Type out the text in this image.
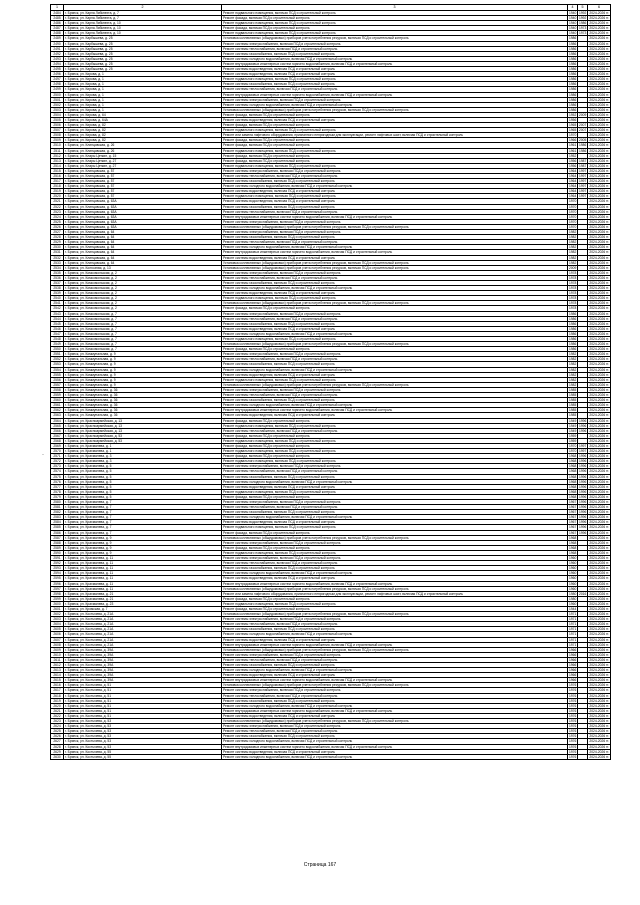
1	2	3	4	5	6
2484	г. Брянск, ул. Карла Либкнехта, д. 7	Ремонт подвального помещения, включая ПСД и строительный контроль	1940	1992	2024-2026 гг.
2485	г. Брянск, ул. Карла Либкнехта, д. 7	Ремонт фасада, включая ПСД и строительный контроль	1940	1992	2024-2026 гг.
2486	г. Брянск, ул. Карла Либкнехта, д. 10	Ремонт подвального помещения, включая ПСД и строительный контроль	1940	1986	2024-2026 гг.
2487	г. Брянск, ул. Карла Либкнехта, д. 10	Ремонт фасада, включая ПСД и строительный контроль	1940	1973	2024-2026 гг.
2488	г. Брянск, ул. Карла Либкнехта, д. 10	Ремонт подвального помещения, включая ПСД и строительный контроль	1940	1973	2024-2026 гг.
2489	г. Брянск, ул. Карбышева, д. 25	Установка коллективных (общедомовых) приборов учета потребления ресурсов, включая ПСД и строительный контроль	1986		2024-2026 гг.
2490	г. Брянск, ул. Карбышева, д. 25	Ремонт системы электроснабжения, включая ПСД и строительный контроль	1986		2024-2026 гг.
2491	г. Брянск, ул. Карбышева, д. 25	Ремонт системы теплоснабжения, включая ПСД и строительный контроль	1986		2024-2026 гг.
2492	г. Брянск, ул. Карбышева, д. 25	Ремонт системы газоснабжения, включая ПСД и строительный контроль	1986		2024-2026 гг.
2493	г. Брянск, ул. Карбышева, д. 25	Ремонт системы холодного водоснабжения, включая ПСД и строительный контроль	1986		2024-2026 гг.
2494	г. Брянск, ул. Карбышева, д. 25	Ремонт внутридомовых инженерных систем горячего водоснабжения, включая ПСД и строительный контроль	1986		2024-2026 гг.
2495	г. Брянск, ул. Карбышева, д. 25	Ремонт системы водоотведения, включая ПСД и строительный контроль	1986		2024-2026 гг.
2496	г. Брянск, ул. Кирова, д. 1	Ремонт системы водоотведения, включая ПСД и строительный контроль	1986		2024-2026 гг.
2497	г. Брянск, ул. Кирова, д. 1	Ремонт подвального помещения, включая ПСД и строительный контроль	1986		2024-2026 гг.
2498	г. Брянск, ул. Кирова, д. 1	Ремонт системы газоснабжения, включая ПСД и строительный контроль	1986		2024-2026 гг.
2499	г. Брянск, ул. Кирова, д. 1	Ремонт системы теплоснабжения, включая ПСД и строительный контроль	1986		2024-2026 гг.
2500	г. Брянск, ул. Кирова, д. 1	Ремонт внутридомовых инженерных систем горячего водоснабжения, включая ПСД и строительный контроль	1986		2024-2026 гг.
2501	г. Брянск, ул. Кирова, д. 1	Ремонт системы электроснабжения, включая ПСД и строительный контроль	1986		2024-2026 гг.
2502	г. Брянск, ул. Кирова, д. 1	Ремонт системы холодного водоснабжения, включая ПСД и строительный контроль	1986		2024-2026 гг.
2503	г. Брянск, ул. Кирова, д. 1	Установка коллективных (общедомовых) приборов учета потребления ресурсов, включая ПСД и строительный контроль	1986		2024-2026 гг.
2504	г. Брянск, ул. Кирова, д. 64	Ремонт фасада, включая ПСД и строительный контроль	1952	2009	2024-2026 гг.
2505	г. Брянск, ул. Кирова, д. 64А	Ремонт системы водоотведения, включая ПСД и строительный контроль	1956		2024-2026 гг.
2506	г. Брянск, ул. Кирова, д. 82	Ремонт фасада, включая ПСД и строительный контроль	1965	2007	2024-2026 гг.
2507	г. Брянск, ул. Кирова, д. 82	Ремонт подвального помещения, включая ПСД и строительный контроль	1965	2007	2024-2026 гг.
2508	г. Брянск, ул. Кирова, д. 82	Ремонт или замена лифтового оборудования, признанного непригодным для эксплуатации, ремонт лифтовых шахт, включая ПСД и строительный контроль	1970		2024-2026 гг.
2509	г. Брянск, ул. Кирова, д. 82	Ремонт фасада, включая ПСД и строительный контроль	1966	2005	2024-2026 гг.
2510	г. Брянск, ул. Клинцовская, д. 26	Ремонт фасада, включая ПСД и строительный контроль	1961	1986	2024-2026 гг.
2511	г. Брянск, ул. Клинцовская, д. 26	Ремонт подвального помещения, включая ПСД и строительный контроль	1961	1986	2024-2026 гг.
2512	г. Брянск, ул. Клары Цеткин, д. 15	Ремонт фасада, включая ПСД и строительный контроль	1952		2024-2026 гг.
2513	г. Брянск, ул. Клары Цеткин, д. 27	Ремонт фасада, включая ПСД и строительный контроль	1956	1987	2024-2026 гг.
2514	г. Брянск, ул. Клары Цеткин, д. 27	Ремонт подвального помещения, включая ПСД и строительный контроль	1956	1987	2024-2026 гг.
2515	г. Брянск, ул. Клинцовская, д. 57	Ремонт системы электроснабжения, включая ПСД и строительный контроль	1964	1997	2024-2026 гг.
2516	г. Брянск, ул. Клинцовская, д. 57	Ремонт системы теплоснабжения, включая ПСД и строительный контроль	1964	1997	2024-2026 гг.
2517	г. Брянск, ул. Клинцовская, д. 57	Ремонт системы газоснабжения, включая ПСД и строительный контроль	1964	1997	2024-2026 гг.
2518	г. Брянск, ул. Клинцовская, д. 57	Ремонт системы холодного водоснабжения, включая ПСД и строительный контроль	1964	1997	2024-2026 гг.
2519	г. Брянск, ул. Клинцовская, д. 57	Ремонт системы водоотведения, включая ПСД и строительный контроль	1964	1997	2024-2026 гг.
2520	г. Брянск, ул. Клинцовская, д. 57	Ремонт подвального помещения, включая ПСД и строительный контроль	1964	1997	2024-2026 гг.
2521	г. Брянск, ул. Клинцовская, д. 63А	Ремонт системы водоотведения, включая ПСД и строительный контроль	1970		2024-2026 гг.
2522	г. Брянск, ул. Клинцовская, д. 63А	Ремонт системы газоснабжения, включая ПСД и строительный контроль	1970		2024-2026 гг.
2523	г. Брянск, ул. Клинцовская, д. 63А	Ремонт системы теплоснабжения, включая ПСД и строительный контроль	1970		2024-2026 гг.
2524	г. Брянск, ул. Клинцовская, д. 63А	Ремонт внутридомовых инженерных систем горячего водоснабжения, включая ПСД и строительный контроль	1970		2024-2026 гг.
2525	г. Брянск, ул. Клинцовская, д. 63А	Ремонт системы электроснабжения, включая ПСД и строительный контроль	1970		2024-2026 гг.
2526	г. Брянск, ул. Клинцовская, д. 63А	Установка коллективных (общедомовых) приборов учета потребления ресурсов, включая ПСД и строительный контроль	1970		2024-2026 гг.
2527	г. Брянск, ул. Клинцовская, д. 64	Ремонт системы электроснабжения, включая ПСД и строительный контроль	1982		2024-2026 гг.
2528	г. Брянск, ул. Клинцовская, д. 64	Ремонт системы газоснабжения, включая ПСД и строительный контроль	1982		2024-2026 гг.
2529	г. Брянск, ул. Клинцовская, д. 64	Ремонт системы теплоснабжения, включая ПСД и строительный контроль	1982		2024-2026 гг.
2530	г. Брянск, ул. Клинцовская, д. 64	Ремонт системы холодного водоснабжения, включая ПСД и строительный контроль	1982		2024-2026 гг.
2531	г. Брянск, ул. Клинцовская, д. 64	Ремонт внутридомовых инженерных систем горячего водоснабжения, включая ПСД и строительный контроль	1982		2024-2026 гг.
2532	г. Брянск, ул. Клинцовская, д. 64	Ремонт системы водоотведения, включая ПСД и строительный контроль	1982		2024-2026 гг.
2533	г. Брянск, ул. Клинцовская, д. 64	Установка коллективных (общедомовых) приборов учета потребления ресурсов, включая ПСД и строительный контроль	1982		2024-2026 гг.
2534	г. Брянск, ул. Колхозная, д. 13	Установка коллективных (общедомовых) приборов учета потребления ресурсов, включая ПСД и строительный контроль	2009		2024-2026 гг.
2535	г. Брянск, ул. Комсомольская, д. 2	Ремонт системы электроснабжения, включая ПСД и строительный контроль	1978		2024-2026 гг.
2536	г. Брянск, ул. Комсомольская, д. 2	Ремонт системы теплоснабжения, включая ПСД и строительный контроль	1978		2024-2026 гг.
2537	г. Брянск, ул. Комсомольская, д. 2	Ремонт системы газоснабжения, включая ПСД и строительный контроль	1978		2024-2026 гг.
2538	г. Брянск, ул. Комсомольская, д. 2	Ремонт системы холодного водоснабжения, включая ПСД и строительный контроль	1978		2024-2026 гг.
2539	г. Брянск, ул. Комсомольская, д. 2	Ремонт системы водоотведения, включая ПСД и строительный контроль	1978		2024-2026 гг.
2540	г. Брянск, ул. Комсомольская, д. 2	Ремонт подвального помещения, включая ПСД и строительный контроль	1978		2024-2026 гг.
2541	г. Брянск, ул. Комсомольская, д. 2	Установка коллективных (общедомовых) приборов учета потребления ресурсов, включая ПСД и строительный контроль	1978		2024-2026 гг.
2542	г. Брянск, ул. Комсомольская, д. 2	Ремонт фасада, включая ПСД и строительный контроль	1978		2024-2026 гг.
2543	г. Брянск, ул. Комсомольская, д. 7	Ремонт системы электроснабжения, включая ПСД и строительный контроль	1986		2024-2026 гг.
2544	г. Брянск, ул. Комсомольская, д. 7	Ремонт системы теплоснабжения, включая ПСД и строительный контроль	1986		2024-2026 гг.
2545	г. Брянск, ул. Комсомольская, д. 7	Ремонт системы газоснабжения, включая ПСД и строительный контроль	1986		2024-2026 гг.
2546	г. Брянск, ул. Комсомольская, д. 7	Ремонт системы водоотведения, включая ПСД и строительный контроль	1986		2024-2026 гг.
2547	г. Брянск, ул. Комсомольская, д. 7	Ремонт системы холодного водоснабжения, включая ПСД и строительный контроль	1986		2024-2026 гг.
2548	г. Брянск, ул. Комсомольская, д. 7	Ремонт подвального помещения, включая ПСД и строительный контроль	1986		2024-2026 гг.
2549	г. Брянск, ул. Комсомольская, д. 7	Установка коллективных (общедомовых) приборов учета потребления ресурсов, включая ПСД и строительный контроль	1986		2024-2026 гг.
2550	г. Брянск, ул. Комсомольская, д. 7	Ремонт фасада, включая ПСД и строительный контроль	1986		2024-2026 гг.
2551	г. Брянск, ул. Коммунальная, д. 9	Ремонт системы электроснабжения, включая ПСД и строительный контроль	1982		2024-2026 гг.
2552	г. Брянск, ул. Коммунальная, д. 9	Ремонт системы теплоснабжения, включая ПСД и строительный контроль	1982		2024-2026 гг.
2553	г. Брянск, ул. Коммунальная, д. 9	Ремонт системы газоснабжения, включая ПСД и строительный контроль	1982		2024-2026 гг.
2554	г. Брянск, ул. Коммунальная, д. 9	Ремонт системы холодного водоснабжения, включая ПСД и строительный контроль	1982		2024-2026 гг.
2555	г. Брянск, ул. Коммунальная, д. 9	Ремонт системы водоотведения, включая ПСД и строительный контроль	1982		2024-2026 гг.
2556	г. Брянск, ул. Коммунальная, д. 9	Ремонт подвального помещения, включая ПСД и строительный контроль	1982		2024-2026 гг.
2557	г. Брянск, ул. Коммунальная, д. 9	Установка коллективных (общедомовых) приборов учета потребления ресурсов, включая ПСД и строительный контроль	1982		2024-2026 гг.
2558	г. Брянск, ул. Коммунальная, д. 36	Ремонт системы электроснабжения, включая ПСД и строительный контроль	1985		2024-2026 гг.
2559	г. Брянск, ул. Коммунальная, д. 36	Ремонт системы теплоснабжения, включая ПСД и строительный контроль	1985		2024-2026 гг.
2560	г. Брянск, ул. Коммунальная, д. 36	Ремонт системы газоснабжения, включая ПСД и строительный контроль	1985		2024-2026 гг.
2561	г. Брянск, ул. Коммунальная, д. 36	Ремонт системы холодного водоснабжения, включая ПСД и строительный контроль	1985		2024-2026 гг.
2562	г. Брянск, ул. Коммунальная, д. 36	Ремонт внутридомовых инженерных систем горячего водоснабжения, включая ПСД и строительный контроль	1985		2024-2026 гг.
2563	г. Брянск, ул. Коммунальная, д. 36	Ремонт системы водоотведения, включая ПСД и строительный контроль	1985		2024-2026 гг.
2564	г. Брянск, ул. Красноармейская, д. 13	Ремонт фасада, включая ПСД и строительный контроль	1949	1996	2024-2026 гг.
2565	г. Брянск, ул. Красноармейская, д. 13	Ремонт подвального помещения, включая ПСД и строительный контроль	1949	1996	2024-2026 гг.
2566	г. Брянск, ул. Красноармейская, д. 13	Ремонт системы теплоснабжения, включая ПСД и строительный контроль	1949	1996	2024-2026 гг.
2567	г. Брянск, ул. Красноармейская, д. 53	Ремонт фасада, включая ПСД и строительный контроль	1959		2024-2026 гг.
2568	г. Брянск, ул. Красноармейская, д. 53	Ремонт подвального помещения, включая ПСД и строительный контроль	1959		2024-2026 гг.
2569	г. Брянск, ул. Крахмалева, д. 1	Ремонт фасада, включая ПСД и строительный контроль	1970	1997	2024-2026 гг.
2570	г. Брянск, ул. Крахмалева, д. 1	Ремонт подвального помещения, включая ПСД и строительный контроль	1970	1997	2024-2026 гг.
2571	г. Брянск, ул. Крахмалева, д. 3	Ремонт фасада, включая ПСД и строительный контроль	1968	1996	2024-2026 гг.
2572	г. Брянск, ул. Крахмалева, д. 3	Ремонт подвального помещения, включая ПСД и строительный контроль	1968	1996	2024-2026 гг.
2573	г. Брянск, ул. Крахмалева, д. 5	Ремонт системы электроснабжения, включая ПСД и строительный контроль	1968	1996	2024-2026 гг.
2574	г. Брянск, ул. Крахмалева, д. 5	Ремонт системы теплоснабжения, включая ПСД и строительный контроль	1968	1996	2024-2026 гг.
2575	г. Брянск, ул. Крахмалева, д. 5	Ремонт системы газоснабжения, включая ПСД и строительный контроль	1968	1996	2024-2026 гг.
2576	г. Брянск, ул. Крахмалева, д. 5	Ремонт системы холодного водоснабжения, включая ПСД и строительный контроль	1968	1996	2024-2026 гг.
2577	г. Брянск, ул. Крахмалева, д. 5	Ремонт системы водоотведения, включая ПСД и строительный контроль	1968	1996	2024-2026 гг.
2578	г. Брянск, ул. Крахмалева, д. 5	Ремонт подвального помещения, включая ПСД и строительный контроль	1968	1996	2024-2026 гг.
2579	г. Брянск, ул. Крахмалева, д. 5	Ремонт фасада, включая ПСД и строительный контроль	1968	1996	2024-2026 гг.
2580	г. Брянск, ул. Крахмалева, д. 7	Ремонт системы электроснабжения, включая ПСД и строительный контроль	1967	1996	2024-2026 гг.
2581	г. Брянск, ул. Крахмалева, д. 7	Ремонт системы теплоснабжения, включая ПСД и строительный контроль	1967	1996	2024-2026 гг.
2582	г. Брянск, ул. Крахмалева, д. 7	Ремонт системы газоснабжения, включая ПСД и строительный контроль	1967	1996	2024-2026 гг.
2583	г. Брянск, ул. Крахмалева, д. 7	Ремонт системы холодного водоснабжения, включая ПСД и строительный контроль	1967	1996	2024-2026 гг.
2584	г. Брянск, ул. Крахмалева, д. 7	Ремонт системы водоотведения, включая ПСД и строительный контроль	1967	1996	2024-2026 гг.
2585	г. Брянск, ул. Крахмалева, д. 7	Ремонт подвального помещения, включая ПСД и строительный контроль	1967	1996	2024-2026 гг.
2586	г. Брянск, ул. Крахмалева, д. 7	Ремонт фасада, включая ПСД и строительный контроль	1967	1996	2024-2026 гг.
2587	г. Брянск, ул. Крахмалева, д. 9	Установка коллективных (общедомовых) приборов учета потребления ресурсов, включая ПСД и строительный контроль	1968		2024-2026 гг.
2588	г. Брянск, ул. Крахмалева, д. 9	Ремонт системы электроснабжения, включая ПСД и строительный контроль	1968		2024-2026 гг.
2589	г. Брянск, ул. Крахмалева, д. 9	Ремонт фасада, включая ПСД и строительный контроль	1968		2024-2026 гг.
2590	г. Брянск, ул. Крахмалева, д. 9	Ремонт подвального помещения, включая ПСД и строительный контроль	1968		2024-2026 гг.
2591	г. Брянск, ул. Крахмалева, д. 11	Ремонт системы электроснабжения, включая ПСД и строительный контроль	1960		2024-2026 гг.
2592	г. Брянск, ул. Крахмалева, д. 11	Ремонт системы теплоснабжения, включая ПСД и строительный контроль	1960		2024-2026 гг.
2593	г. Брянск, ул. Крахмалева, д. 11	Ремонт системы газоснабжения, включая ПСД и строительный контроль	1960		2024-2026 гг.
2594	г. Брянск, ул. Крахмалева, д. 11	Ремонт системы холодного водоснабжения, включая ПСД и строительный контроль	1960		2024-2026 гг.
2595	г. Брянск, ул. Крахмалева, д. 11	Ремонт системы водоотведения, включая ПСД и строительный контроль	1960		2024-2026 гг.
2596	г. Брянск, ул. Крахмалева, д. 11	Ремонт внутридомовых инженерных систем горячего водоснабжения, включая ПСД и строительный контроль	1960		2024-2026 гг.
2597	г. Брянск, ул. Крахмалева, д. 11	Установка коллективных (общедомовых) приборов учета потребления ресурсов, включая ПСД и строительный контроль	1960		2024-2026 гг.
2598	г. Брянск, ул. Крахмалева, д. 21	Ремонт или замена лифтового оборудования, признанного непригодным для эксплуатации, ремонт лифтовых шахт, включая ПСД и строительный контроль	1980	2016	2024-2026 гг.
2599	г. Брянск, ул. Крахмалева, д. 21	Ремонт фасада, включая ПСД и строительный контроль	1980		2024-2026 гг.
2600	г. Брянск, ул. Крахмалева, д. 23	Ремонт подвального помещения, включая ПСД и строительный контроль	1960		2024-2026 гг.
2601	г. Брянск, ул. Кромская, д. 7	Ремонт фасада, включая ПСД и строительный контроль	1944		2024-2026 гг.
2602	г. Брянск, ул. Костычева, д. 21А	Установка коллективных (общедомовых) приборов учета потребления ресурсов, включая ПСД и строительный контроль	1971		2024-2026 гг.
2603	г. Брянск, ул. Костычева, д. 21А	Ремонт системы электроснабжения, включая ПСД и строительный контроль	1971		2024-2026 гг.
2604	г. Брянск, ул. Костычева, д. 21А	Ремонт системы теплоснабжения, включая ПСД и строительный контроль	1971		2024-2026 гг.
2605	г. Брянск, ул. Костычева, д. 21А	Ремонт системы газоснабжения, включая ПСД и строительный контроль	1971		2024-2026 гг.
2606	г. Брянск, ул. Костычева, д. 21А	Ремонт системы холодного водоснабжения, включая ПСД и строительный контроль	1971		2024-2026 гг.
2607	г. Брянск, ул. Костычева, д. 21А	Ремонт системы водоотведения, включая ПСД и строительный контроль	1971		2024-2026 гг.
2608	г. Брянск, ул. Костычева, д. 21А	Ремонт внутридомовых инженерных систем горячего водоснабжения, включая ПСД и строительный контроль	1971		2024-2026 гг.
2609	г. Брянск, ул. Костычева, д. 39А	Установка коллективных (общедомовых) приборов учета потребления ресурсов, включая ПСД и строительный контроль	1966		2024-2026 гг.
2610	г. Брянск, ул. Костычева, д. 39А	Ремонт системы электроснабжения, включая ПСД и строительный контроль	1966		2024-2026 гг.
2611	г. Брянск, ул. Костычева, д. 39А	Ремонт системы теплоснабжения, включая ПСД и строительный контроль	1966		2024-2026 гг.
2612	г. Брянск, ул. Костычева, д. 39А	Ремонт системы газоснабжения, включая ПСД и строительный контроль	1966		2024-2026 гг.
2613	г. Брянск, ул. Костычева, д. 39А	Ремонт системы холодного водоснабжения, включая ПСД и строительный контроль	1966		2024-2026 гг.
2614	г. Брянск, ул. Костычева, д. 39А	Ремонт системы водоотведения, включая ПСД и строительный контроль	1966		2024-2026 гг.
2615	г. Брянск, ул. Костычева, д. 39А	Ремонт внутридомовых инженерных систем горячего водоснабжения, включая ПСД и строительный контроль	1966		2024-2026 гг.
2616	г. Брянск, ул. Костычева, д. 51	Установка коллективных (общедомовых) приборов учета потребления ресурсов, включая ПСД и строительный контроль	1976		2024-2026 гг.
2617	г. Брянск, ул. Костычева, д. 51	Ремонт системы электроснабжения, включая ПСД и строительный контроль	1976		2024-2026 гг.
2618	г. Брянск, ул. Костычева, д. 51	Ремонт системы теплоснабжения, включая ПСД и строительный контроль	1976		2024-2026 гг.
2619	г. Брянск, ул. Костычева, д. 51	Ремонт системы газоснабжения, включая ПСД и строительный контроль	1976		2024-2026 гг.
2620	г. Брянск, ул. Костычева, д. 51	Ремонт системы холодного водоснабжения, включая ПСД и строительный контроль	1976		2024-2026 гг.
2621	г. Брянск, ул. Костычева, д. 51	Ремонт внутридомовых инженерных систем горячего водоснабжения, включая ПСД и строительный контроль	1976		2024-2026 гг.
2622	г. Брянск, ул. Костычева, д. 51	Ремонт системы водоотведения, включая ПСД и строительный контроль	1976		2024-2026 гг.
2623	г. Брянск, ул. Костычева, д. 53	Установка коллективных (общедомовых) приборов учета потребления ресурсов, включая ПСД и строительный контроль	1976		2024-2026 гг.
2624	г. Брянск, ул. Костычева, д. 53	Ремонт системы электроснабжения, включая ПСД и строительный контроль	1976		2024-2026 гг.
2625	г. Брянск, ул. Костычева, д. 53	Ремонт системы теплоснабжения, включая ПСД и строительный контроль	1976		2024-2026 гг.
2626	г. Брянск, ул. Костычева, д. 53	Ремонт системы газоснабжения, включая ПСД и строительный контроль	1976		2024-2026 гг.
2627	г. Брянск, ул. Костычева, д. 53	Ремонт системы холодного водоснабжения, включая ПСД и строительный контроль	1976		2024-2026 гг.
2628	г. Брянск, ул. Костычева, д. 53	Ремонт внутридомовых инженерных систем горячего водоснабжения, включая ПСД и строительный контроль	1976		2024-2026 гг.
2629	г. Брянск, ул. Костычева, д. 55	Ремонт системы водоотведения, включая ПСД и строительный контроль	1976		2024-2026 гг.
2630	г. Брянск, ул. Костычева, д. 55	Ремонт системы холодного водоснабжения, включая ПСД и строительный контроль	1976		2024-2026 гг.
·
Страница 167
